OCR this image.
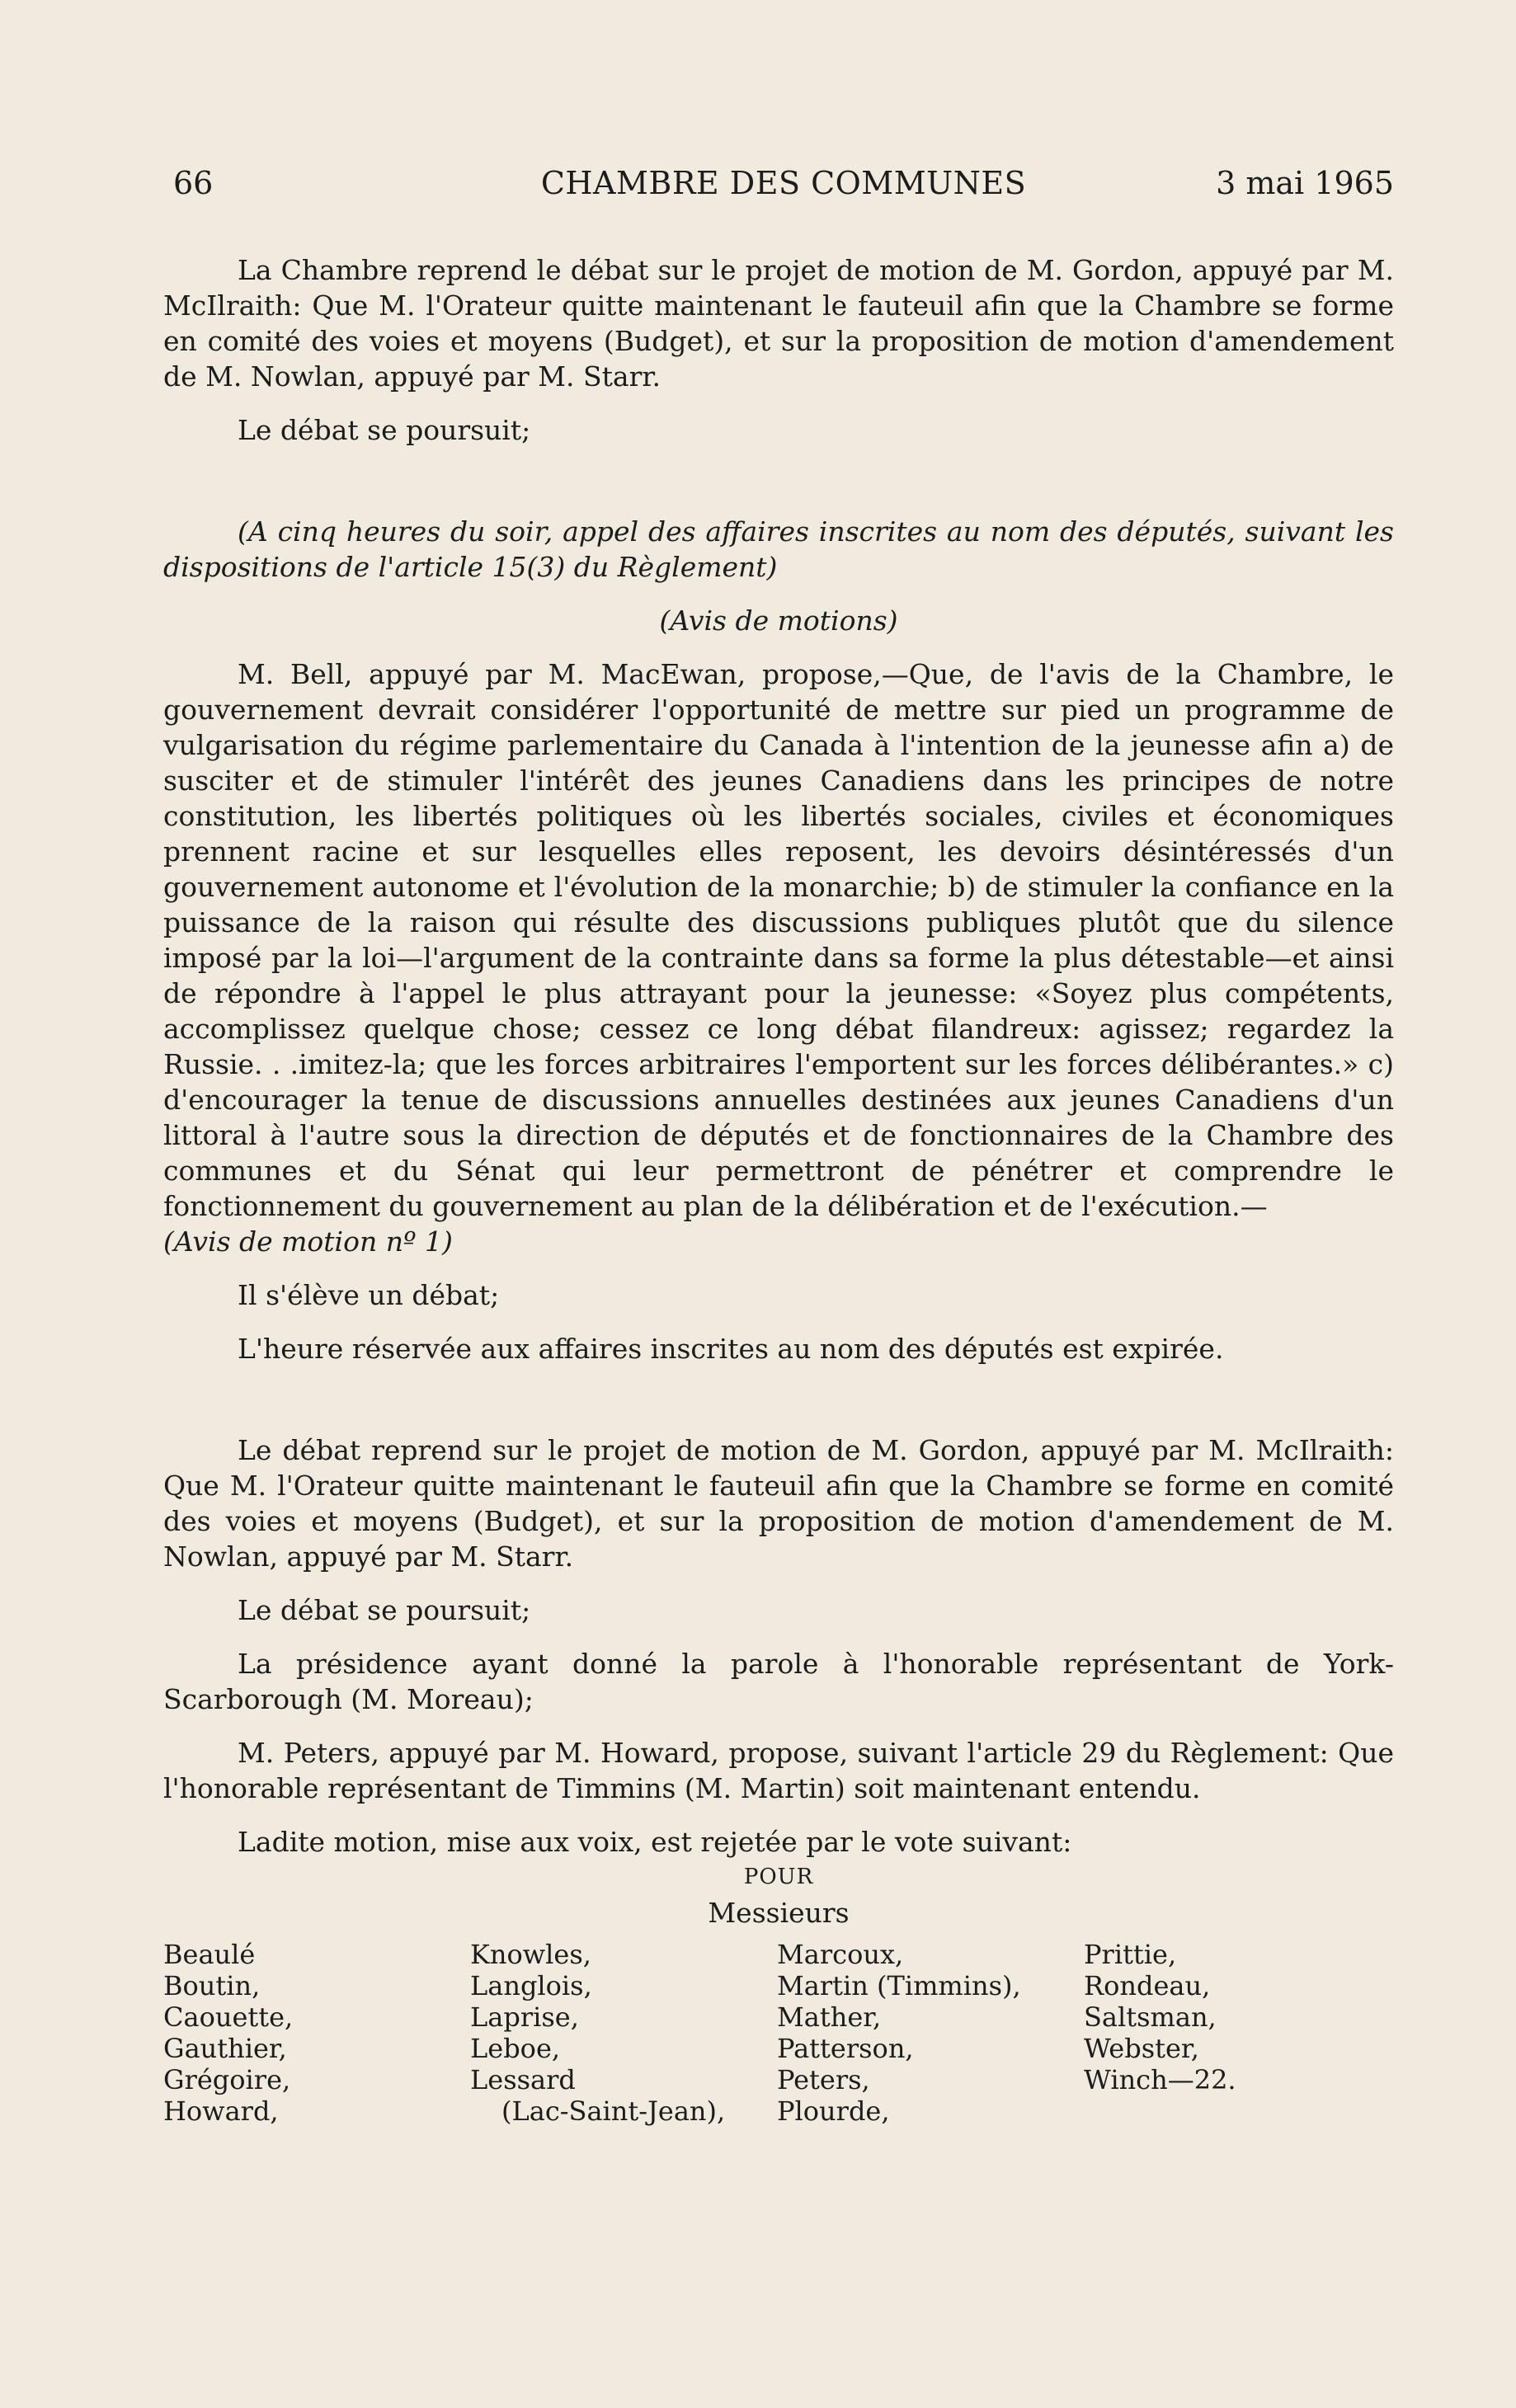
66	CHAMBRE DES COMMUNES	3 mai 1965

La Chambre reprend le débat sur le projet de motion de M. Gordon, appuyé par M. McIlraith: Que M. l'Orateur quitte maintenant le fauteuil afin que la Chambre se forme en comité des voies et moyens (Budget), et sur la proposition de motion d'amendement de M. Nowlan, appuyé par M. Starr.

Le débat se poursuit;

(A cinq heures du soir, appel des affaires inscrites au nom des députés, suivant les dispositions de l'article 15(3) du Règlement)

(Avis de motions)

M. Bell, appuyé par M. MacEwan, propose,—Que, de l'avis de la Chambre, le gouvernement devrait considérer l'opportunité de mettre sur pied un programme de vulgarisation du régime parlementaire du Canada à l'intention de la jeunesse afin a) de susciter et de stimuler l'intérêt des jeunes Canadiens dans les principes de notre constitution, les libertés politiques où les libertés sociales, civiles et économiques prennent racine et sur lesquelles elles reposent, les devoirs désintéressés d'un gouvernement autonome et l'évolution de la monarchie; b) de stimuler la confiance en la puissance de la raison qui résulte des discussions publiques plutôt que du silence imposé par la loi—l'argument de la contrainte dans sa forme la plus détestable—et ainsi de répondre à l'appel le plus attrayant pour la jeunesse: «Soyez plus compétents, accomplissez quelque chose; cessez ce long débat filandreux: agissez; regardez la Russie. . .imitez-la; que les forces arbitraires l'emportent sur les forces délibérantes.» c) d'encourager la tenue de discussions annuelles destinées aux jeunes Canadiens d'un littoral à l'autre sous la direction de députés et de fonctionnaires de la Chambre des communes et du Sénat qui leur permettront de pénétrer et comprendre le fonctionnement du gouvernement au plan de la délibération et de l'exécution.—

(Avis de motion nº 1)

Il s'élève un débat;

L'heure réservée aux affaires inscrites au nom des députés est expirée.

Le débat reprend sur le projet de motion de M. Gordon, appuyé par M. McIlraith: Que M. l'Orateur quitte maintenant le fauteuil afin que la Chambre se forme en comité des voies et moyens (Budget), et sur la proposition de motion d'amendement de M. Nowlan, appuyé par M. Starr.

Le débat se poursuit;

La présidence ayant donné la parole à l'honorable représentant de York-Scarborough (M. Moreau);

M. Peters, appuyé par M. Howard, propose, suivant l'article 29 du Règlement: Que l'honorable représentant de Timmins (M. Martin) soit maintenant entendu.

Ladite motion, mise aux voix, est rejetée par le vote suivant:

POUR

Messieurs

Beaulé
Boutin,
Caouette,
Gauthier,
Grégoire,
Howard,
Knowles,
Langlois,
Laprise,
Leboe,
Lessard
(Lac-Saint-Jean),
Marcoux,
Martin (Timmins),
Mather,
Patterson,
Peters,
Plourde,
Prittie,
Rondeau,
Saltsman,
Webster,
Winch—22.
